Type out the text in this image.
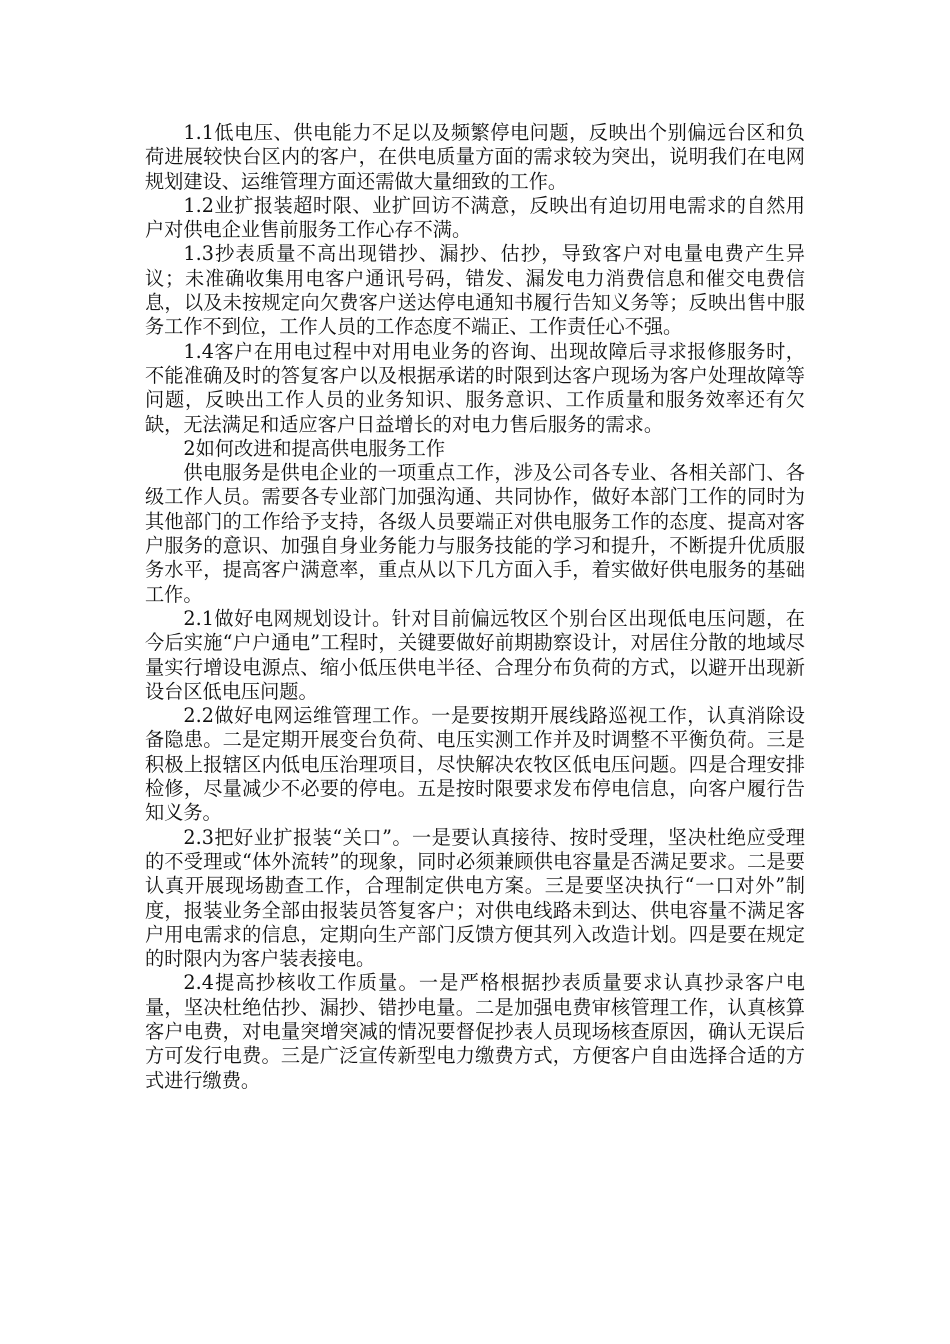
1.1低电压、供电能力不足以及频繁停电问题，反映出个别偏远台区和负荷进展较快台区内的客户，在供电质量方面的需求较为突出，说明我们在电网规划建设、运维管理方面还需做大量细致的工作。

1.2业扩报装超时限、业扩回访不满意，反映出有迫切用电需求的自然用户对供电企业售前服务工作心存不满。

1.3抄表质量不高出现错抄、漏抄、估抄，导致客户对电量电费产生异议；未准确收集用电客户通讯号码，错发、漏发电力消费信息和催交电费信息，以及未按规定向欠费客户送达停电通知书履行告知义务等；反映出售中服务工作不到位，工作人员的工作态度不端正、工作责任心不强。

1.4客户在用电过程中对用电业务的咨询、出现故障后寻求报修服务时，不能准确及时的答复客户以及根据承诺的时限到达客户现场为客户处理故障等问题，反映出工作人员的业务知识、服务意识、工作质量和服务效率还有欠缺，无法满足和适应客户日益增长的对电力售后服务的需求。

2如何改进和提高供电服务工作

供电服务是供电企业的一项重点工作，涉及公司各专业、各相关部门、各级工作人员。需要各专业部门加强沟通、共同协作，做好本部门工作的同时为其他部门的工作给予支持，各级人员要端正对供电服务工作的态度、提高对客户服务的意识、加强自身业务能力与服务技能的学习和提升，不断提升优质服务水平，提高客户满意率，重点从以下几方面入手，着实做好供电服务的基础工作。

2.1做好电网规划设计。针对目前偏远牧区个别台区出现低电压问题，在今后实施“户户通电”工程时，关键要做好前期勘察设计，对居住分散的地域尽量实行增设电源点、缩小低压供电半径、合理分布负荷的方式，以避开出现新设台区低电压问题。

2.2做好电网运维管理工作。一是要按期开展线路巡视工作，认真消除设备隐患。二是定期开展变台负荷、电压实测工作并及时调整不平衡负荷。三是积极上报辖区内低电压治理项目，尽快解决农牧区低电压问题。四是合理安排检修，尽量减少不必要的停电。五是按时限要求发布停电信息，向客户履行告知义务。

2.3把好业扩报装“关口”。一是要认真接待、按时受理，坚决杜绝应受理的不受理或“体外流转”的现象，同时必须兼顾供电容量是否满足要求。二是要认真开展现场勘查工作，合理制定供电方案。三是要坚决执行“一口对外”制度，报装业务全部由报装员答复客户；对供电线路未到达、供电容量不满足客户用电需求的信息，定期向生产部门反馈方便其列入改造计划。四是要在规定的时限内为客户装表接电。

2.4提高抄核收工作质量。一是严格根据抄表质量要求认真抄录客户电量，坚决杜绝估抄、漏抄、错抄电量。二是加强电费审核管理工作，认真核算客户电费，对电量突增突减的情况要督促抄表人员现场核查原因，确认无误后方可发行电费。三是广泛宣传新型电力缴费方式，方便客户自由选择合适的方式进行缴费。
